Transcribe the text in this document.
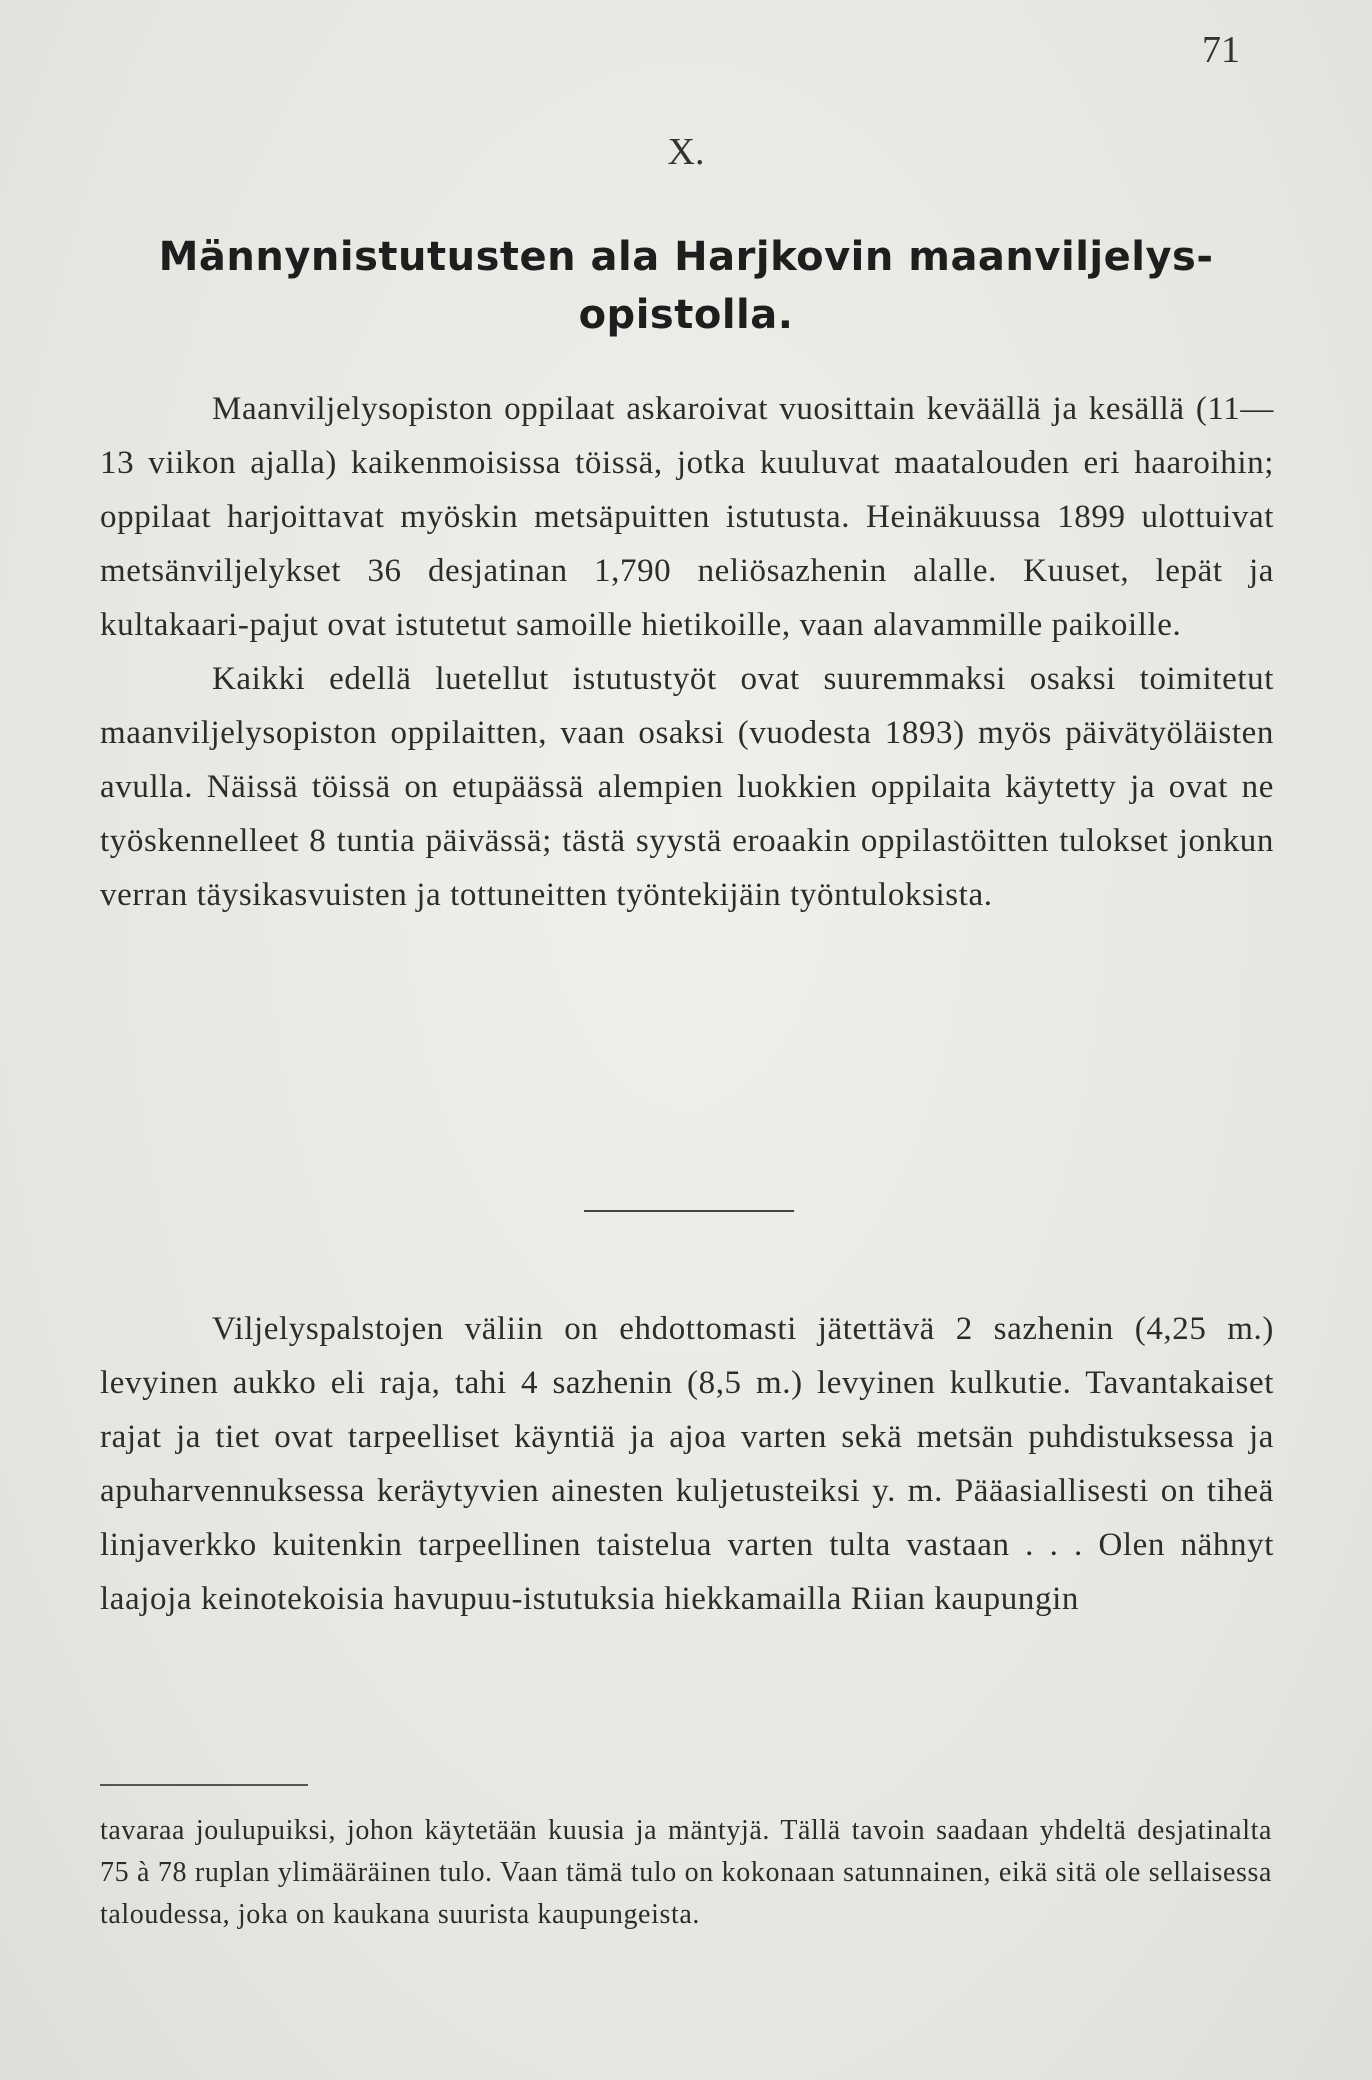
71
X.
Männynistutusten ala Harjkovin maanviljelys-opistolla.

Maanviljelysopiston oppilaat askaroivat vuosittain keväällä ja kesällä (11—13 viikon ajalla) kaikenmoisissa töissä, jotka kuuluvat maatalouden eri haaroihin; oppilaat harjoittavat myöskin metsäpuitten istutusta. Heinäkuussa 1899 ulottuivat metsänviljelykset 36 desjatinan 1,790 neliösazhenin alalle. Kuuset, lepät ja kultakaari-pajut ovat istutetut samoille hietikoille, vaan alavammille paikoille.

Kaikki edellä luetellut istutustyöt ovat suuremmaksi osaksi toimitetut maanviljelysopiston oppilaitten, vaan osaksi (vuodesta 1893) myös päivätyöläisten avulla. Näissä töissä on etupäässä alempien luokkien oppilaita käytetty ja ovat ne työskennelleet 8 tuntia päivässä; tästä syystä eroaakin oppilastöitten tulokset jonkun verran täysikasvuisten ja tottuneitten työntekijäin työntuloksista.

Viljelyspalstojen väliin on ehdottomasti jätettävä 2 sazhenin (4,25 m.) levyinen aukko eli raja, tahi 4 sazhenin (8,5 m.) levyinen kulkutie. Tavantakaiset rajat ja tiet ovat tarpeelliset käyntiä ja ajoa varten sekä metsän puhdistuksessa ja apuharvennuksessa keräytyvien ainesten kuljetusteiksi y. m. Pääasiallisesti on tiheä linjaverkko kuitenkin tarpeellinen taistelua varten tulta vastaan . . . Olen nähnyt laajoja keinotekoisia havupuu-istutuksia hiekkamailla Riian kaupungin

tavaraa joulupuiksi, johon käytetään kuusia ja mäntyjä. Tällä tavoin saadaan yhdeltä desjatinalta 75 à 78 ruplan ylimääräinen tulo. Vaan tämä tulo on kokonaan satunnainen, eikä sitä ole sellaisessa taloudessa, joka on kaukana suurista kaupungeista.
